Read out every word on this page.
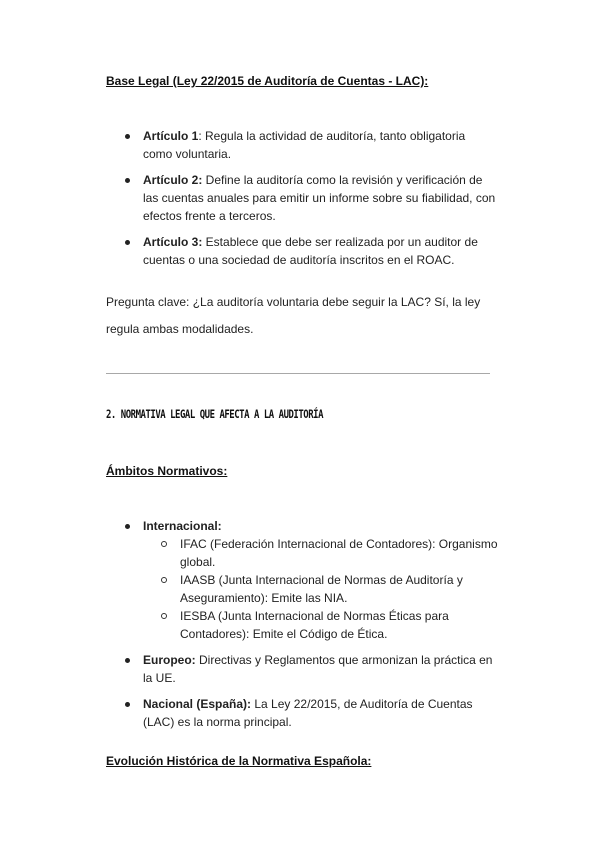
Base Legal (Ley 22/2015 de Auditoría de Cuentas - LAC):
Artículo 1: Regula la actividad de auditoría, tanto obligatoria como voluntaria.
Artículo 2: Define la auditoría como la revisión y verificación de las cuentas anuales para emitir un informe sobre su fiabilidad, con efectos frente a terceros.
Artículo 3: Establece que debe ser realizada por un auditor de cuentas o una sociedad de auditoría inscritos en el ROAC.
Pregunta clave: ¿La auditoría voluntaria debe seguir la LAC? Sí, la ley regula ambas modalidades.
2. NORMATIVA LEGAL QUE AFECTA A LA AUDITORÍA
Ámbitos Normativos:
Internacional:
IFAC (Federación Internacional de Contadores): Organismo global.
IAASB (Junta Internacional de Normas de Auditoría y Aseguramiento): Emite las NIA.
IESBA (Junta Internacional de Normas Éticas para Contadores): Emite el Código de Ética.
Europeo: Directivas y Reglamentos que armonizan la práctica en la UE.
Nacional (España): La Ley 22/2015, de Auditoría de Cuentas (LAC) es la norma principal.
Evolución Histórica de la Normativa Española:
